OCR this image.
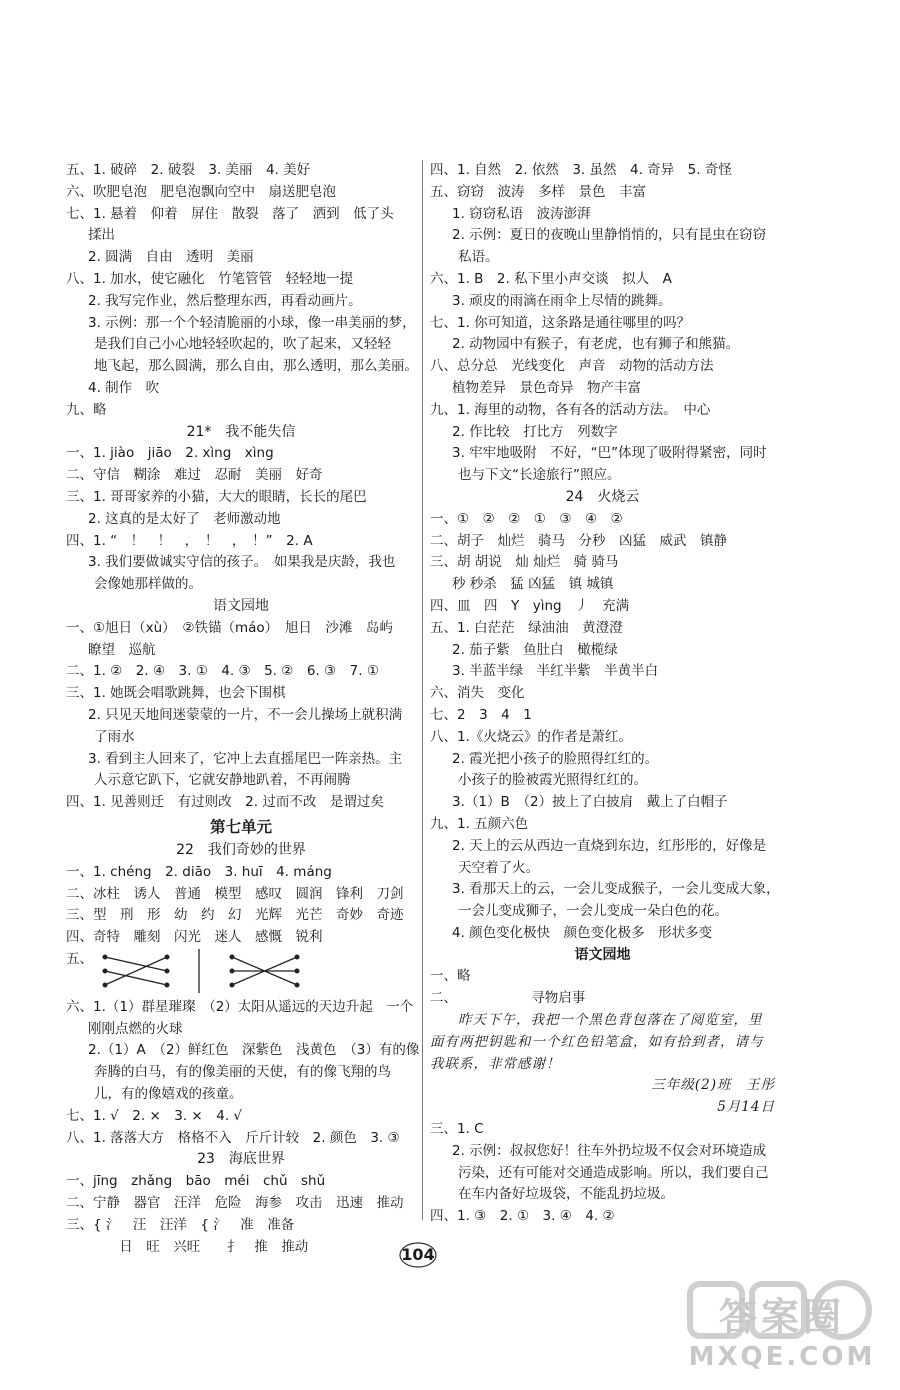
五、1. 破碎　2. 破裂　3. 美丽　4. 美好
六、吹肥皂泡　肥皂泡飘向空中　扇送肥皂泡
七、1. 悬着　仰着　屏住　散裂　落了　洒到　低了头
揉出
2. 圆满　自由　透明　美丽
八、1. 加水，使它融化　竹笔管管　轻轻地一提
2. 我写完作业，然后整理东西，再看动画片。
3. 示例：那一个个轻清脆丽的小球，像一串美丽的梦，
是我们自己小心地轻轻吹起的，吹了起来，又轻轻
地飞起，那么圆满，那么自由，那么透明，那么美丽。
4. 制作　吹
九、略
21*　我不能失信
一、1. jiào　jiāo　2. xìng　xìng
二、守信　糊涂　难过　忍耐　美丽　好奇
三、1. 哥哥家养的小猫，大大的眼睛，长长的尾巴
2. 这真的是太好了　老师激动地
四、1. “　！　！　，　！　，　！”　2. A
3. 我们要做诚实守信的孩子。　如果我是庆龄，我也
会像她那样做的。
语文园地
一、①旭日（xù）　②铁锚（máo）　旭日　沙滩　岛屿
瞭望　巡航
二、1. ②　2. ④　3. ①　4. ③　5. ②　6. ③　7. ①
三、1. 她既会唱歌跳舞，也会下围棋
2. 只见天地间迷蒙蒙的一片，不一会儿操场上就积满
了雨水
3. 看到主人回来了，它冲上去直摇尾巴一阵亲热。主
人示意它趴下，它就安静地趴着，不再闹腾
四、1. 见善则迁　有过则改　2. 过而不改　是谓过矣
第七单元
22　我们奇妙的世界
一、1. chéng　2. diāo　3. huī　4. máng
二、冰柱　诱人　普通　模型　感叹　圆润　锋利　刀剑
三、型　刑　形　幼　约　幻　光辉　光芒　奇妙　奇迹
四、奇特　雕刻　闪光　迷人　感慨　锐利
五、
六、1.（1）群星璀璨　（2）太阳从遥远的天边升起　一个
刚刚点燃的火球
2.（1）A　（2）鲜红色　深紫色　浅黄色　（3）有的像
奔腾的白马，有的像美丽的天使，有的像飞翔的鸟
儿，有的像嬉戏的孩童。
七、1. √　2. ×　3. ×　4. √
八、1. 落落大方　格格不入　斤斤计较　2. 颜色　3. ③
23　海底世界
一、jīng　zhǎng　bāo　méi　chǔ　shǔ
二、宁静　器官　汪洋　危险　海参　攻击　迅速　推动
三、{ 氵　汪　汪洋　{ 氵　准　准备
　　 日　旺　兴旺　　扌　推　推动
四、1. 自然　2. 依然　3. 虽然　4. 奇异　5. 奇怪
五、窃窃　波涛　多样　景色　丰富
1. 窃窃私语　波涛澎湃
2. 示例：夏日的夜晚山里静悄悄的，只有昆虫在窃窃
私语。
六、1. B　2. 私下里小声交谈　拟人　A
3. 顽皮的雨滴在雨伞上尽情的跳舞。
七、1. 你可知道，这条路是通往哪里的吗？
2. 动物园中有猴子，有老虎，也有狮子和熊猫。
八、总分总　光线变化　声音　动物的活动方法
植物差异　景色奇异　物产丰富
九、1. 海里的动物，各有各的活动方法。　中心
2. 作比较　打比方　列数字
3. 牢牢地吸附　不好，“巴”体现了吸附得紧密，同时
也与下文“长途旅行”照应。
24　火烧云
一、①　②　②　①　③　④　②
二、胡子　灿烂　骑马　分秒　凶猛　威武　镇静
三、胡 胡说　灿 灿烂　骑 骑马
秒 秒杀　猛 凶猛　镇 城镇
四、皿　四　Y　yìng　丿　充满
五、1. 白茫茫　绿油油　黄澄澄
2. 茄子紫　鱼肚白　橄榄绿
3. 半蓝半绿　半红半紫　半黄半白
六、消失　变化
七、2　3　4　1
八、1.《火烧云》的作者是萧红。
2. 霞光把小孩子的脸照得红红的。
小孩子的脸被霞光照得红红的。
3.（1）B　（2）披上了白披肩　戴上了白帽子
九、1. 五颜六色
2. 天上的云从西边一直烧到东边，红彤彤的，好像是
天空着了火。
3. 看那天上的云，一会儿变成猴子，一会儿变成大象，
一会儿变成狮子，一会儿变成一朵白色的花。
4. 颜色变化极快　颜色变化极多　形状多变
语文园地
一、略
二、　　　　　　寻物启事
昨天下午，我把一个黑色背包落在了阅览室，里
面有两把钥匙和一个红色铅笔盒，如有拾到者，请与
我联系，非常感谢！
三年级(2)班　王彤
5月14日
三、1. C
2. 示例：叔叔您好！往车外扔垃圾不仅会对环境造成
污染，还有可能对交通造成影响。所以，我们要自己
在车内备好垃圾袋，不能乱扔垃圾。
四、1. ③　2. ①　3. ④　4. ②
104
答案圈
MXQE.COM
